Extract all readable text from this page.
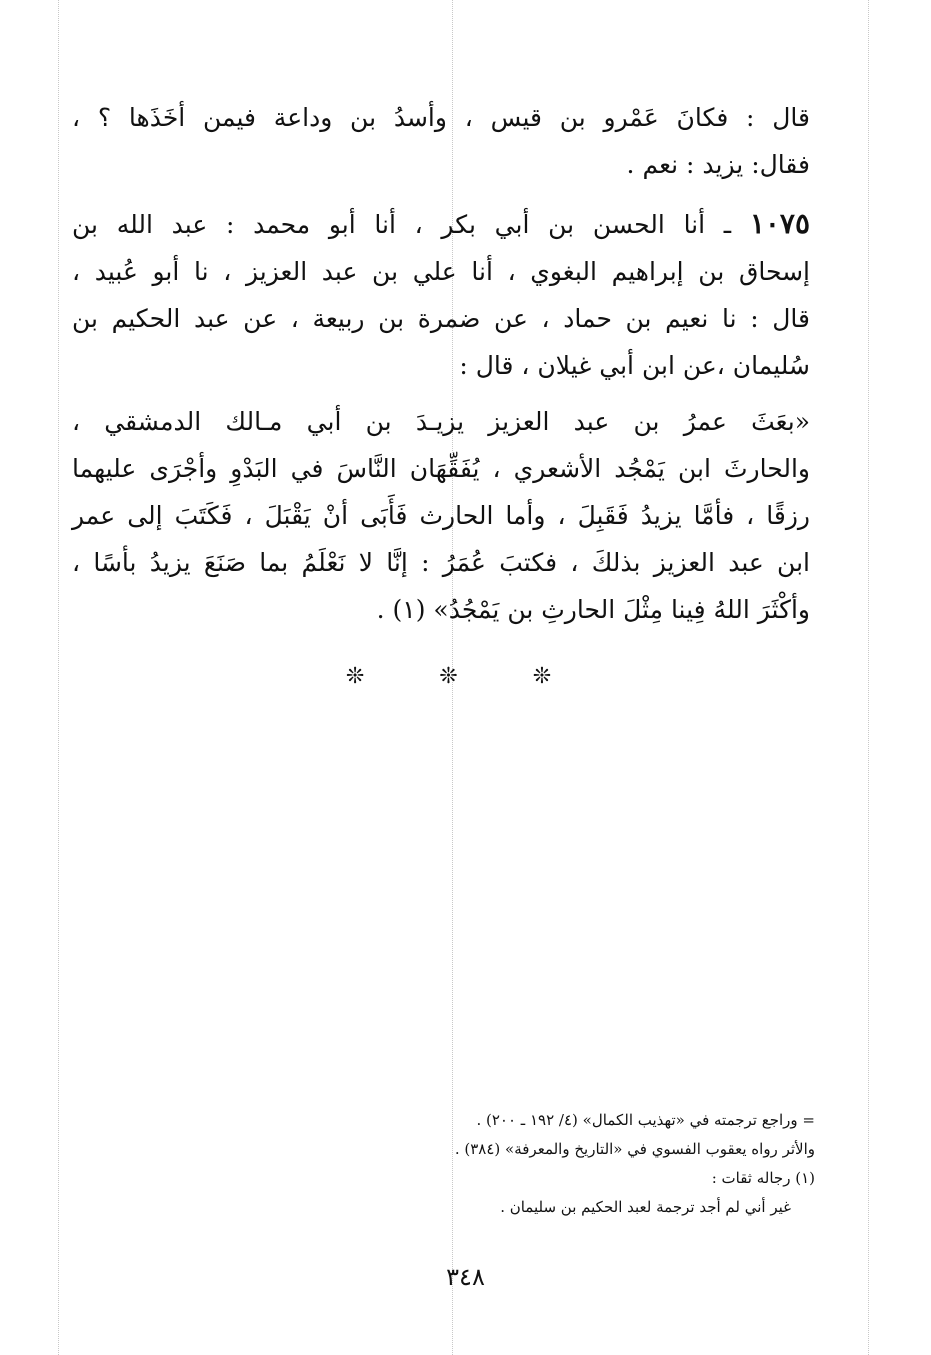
قال : فكانَ عَمْرو بن قيس ، وأسدُ بن وداعة فيمن أخَذَها ؟ ،
فقال: يزيد : نعم .
١٠٧٥ ـ أنا الحسن بن أبي بكر ، أنا أبو محمد : عبد الله بن
إسحاق بن إبراهيم البغوي ، أنا علي بن عبد العزيز ، نا أبو عُبيد ،
قال : نا نعيم بن حماد ، عن ضمرة بن ربيعة ، عن عبد الحكيم بن
سُليمان ،عن ابن أبي غيلان ، قال :
«بعَثَ عمرُ بن عبد العزيز يزيـدَ بن أبي مـالك الدمشقي ،
والحارثَ ابن يَمْجُد الأشعري ، يُفَقِّهَان النَّاسَ في البَدْوِ وأجْرَى عليهما
رزقًا ، فأمَّا يزيدُ فَقَبِلَ ، وأما الحارث فَأَبَى أنْ يَقْبَلَ ، فَكَتَبَ إلى عمر
ابن عبد العزيز بذلكَ ، فكتبَ عُمَرُ : إنَّا لا نَعْلَمُ بما صَنَعَ يزيدُ بأسًا ،
وأكْثَرَ اللهُ فِينا مِثْلَ الحارثِ بن يَمْجُدُ» (١) .
❊ ❊ ❊
= وراجع ترجمته في «تهذيب الكمال» (٤/ ١٩٢ ـ ٢٠٠) .
والأثر رواه يعقوب الفسوي في «التاريخ والمعرفة» (٣٨٤) .
(١) رجاله ثقات :
غير أني لم أجد ترجمة لعبد الحكيم بن سليمان .
٣٤٨
